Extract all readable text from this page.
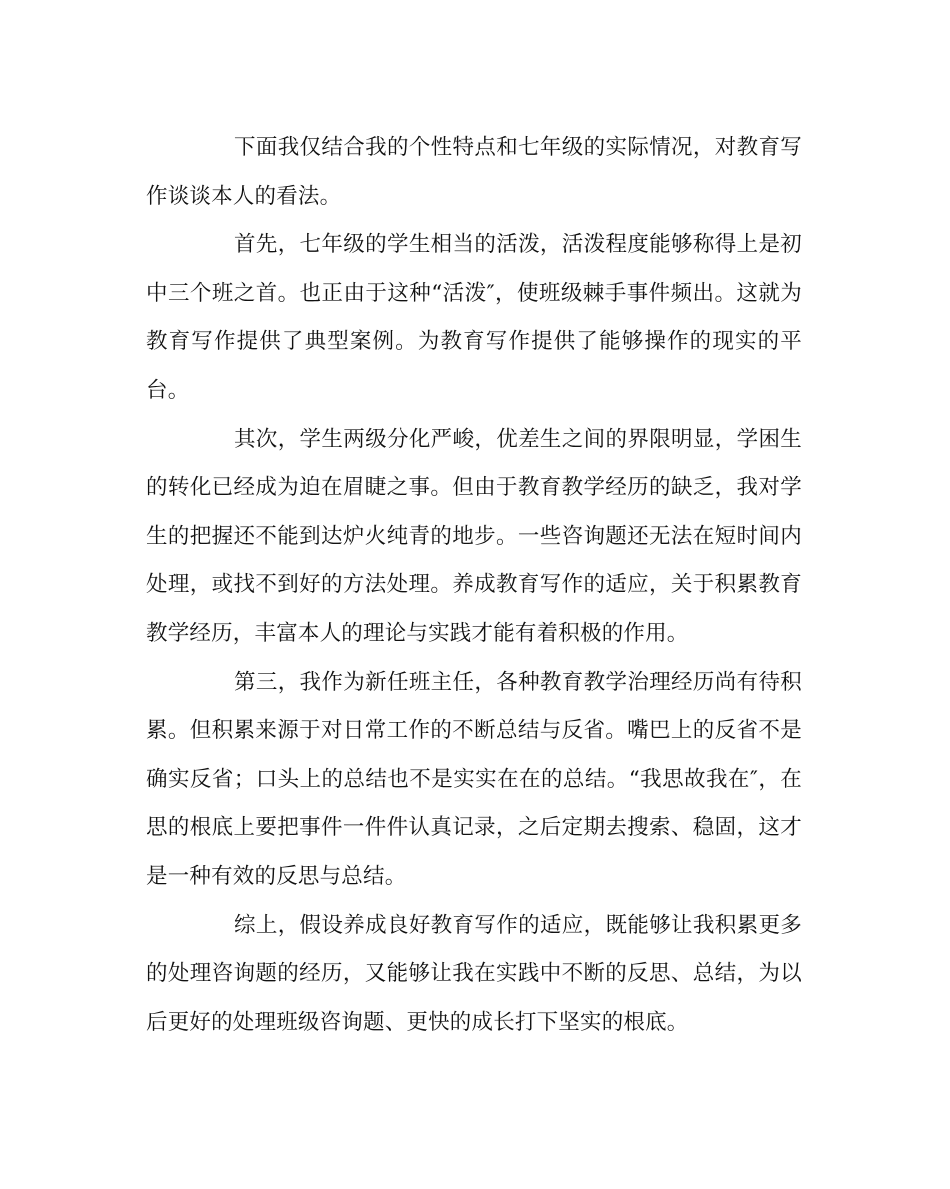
下面我仅结合我的个性特点和七年级的实际情况，对教育写作谈谈本人的看法。

首先，七年级的学生相当的活泼，活泼程度能够称得上是初中三个班之首。也正由于这种“活泼″，使班级棘手事件频出。这就为教育写作提供了典型案例。为教育写作提供了能够操作的现实的平台。

其次，学生两级分化严峻，优差生之间的界限明显，学困生的转化已经成为迫在眉睫之事。但由于教育教学经历的缺乏，我对学生的把握还不能到达炉火纯青的地步。一些咨询题还无法在短时间内处理，或找不到好的方法处理。养成教育写作的适应，关于积累教育教学经历，丰富本人的理论与实践才能有着积极的作用。

第三，我作为新任班主任，各种教育教学治理经历尚有待积累。但积累来源于对日常工作的不断总结与反省。嘴巴上的反省不是确实反省；口头上的总结也不是实实在在的总结。“我思故我在″，在思的根底上要把事件一件件认真记录，之后定期去搜索、稳固，这才是一种有效的反思与总结。

综上，假设养成良好教育写作的适应，既能够让我积累更多的处理咨询题的经历，又能够让我在实践中不断的反思、总结，为以后更好的处理班级咨询题、更快的成长打下坚实的根底。
